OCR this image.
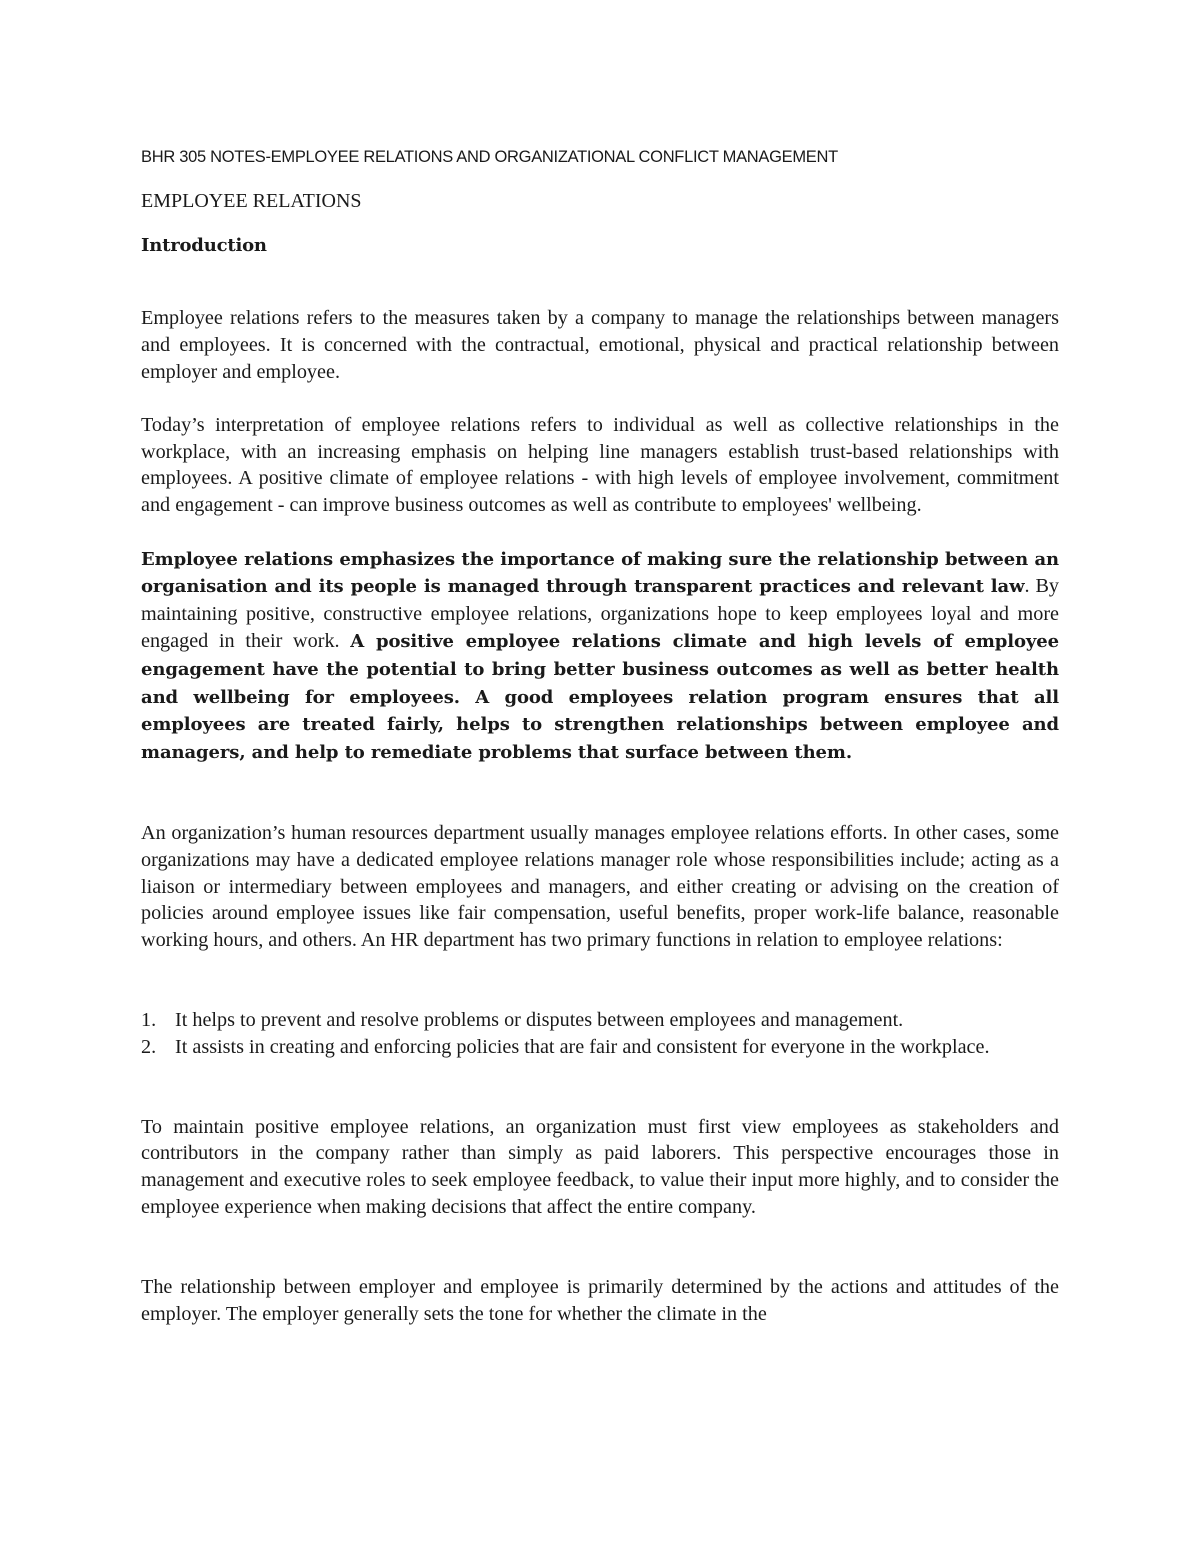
BHR 305 NOTES-EMPLOYEE RELATIONS AND ORGANIZATIONAL CONFLICT MANAGEMENT
EMPLOYEE RELATIONS
Introduction

Employee relations refers to the measures taken by a company to manage the relationships between managers and employees. It is concerned with the contractual, emotional, physical and practical relationship between employer and employee.

Today’s interpretation of employee relations refers to individual as well as collective relationships in the workplace, with an increasing emphasis on helping line managers establish trust-based relationships with employees. A positive climate of employee relations - with high levels of employee involvement, commitment and engagement - can improve business outcomes as well as contribute to employees' wellbeing.

Employee relations emphasizes the importance of making sure the relationship between an organisation and its people is managed through transparent practices and relevant law. By maintaining positive, constructive employee relations, organizations hope to keep employees loyal and more engaged in their work. A positive employee relations climate and high levels of employee engagement have the potential to bring better business outcomes as well as better health and wellbeing for employees. A good employees relation program ensures that all employees are treated fairly, helps to strengthen relationships between employee and managers, and help to remediate problems that surface between them.

An organization’s human resources department usually manages employee relations efforts. In other cases, some organizations may have a dedicated employee relations manager role whose responsibilities include; acting as a liaison or intermediary between employees and managers, and either creating or advising on the creation of policies around employee issues like fair compensation, useful benefits, proper work-life balance, reasonable working hours, and others. An HR department has two primary functions in relation to employee relations:

1. It helps to prevent and resolve problems or disputes between employees and management.
2. It assists in creating and enforcing policies that are fair and consistent for everyone in the workplace.

To maintain positive employee relations, an organization must first view employees as stakeholders and contributors in the company rather than simply as paid laborers. This perspective encourages those in management and executive roles to seek employee feedback, to value their input more highly, and to consider the employee experience when making decisions that affect the entire company.

The relationship between employer and employee is primarily determined by the actions and attitudes of the employer. The employer generally sets the tone for whether the climate in the
